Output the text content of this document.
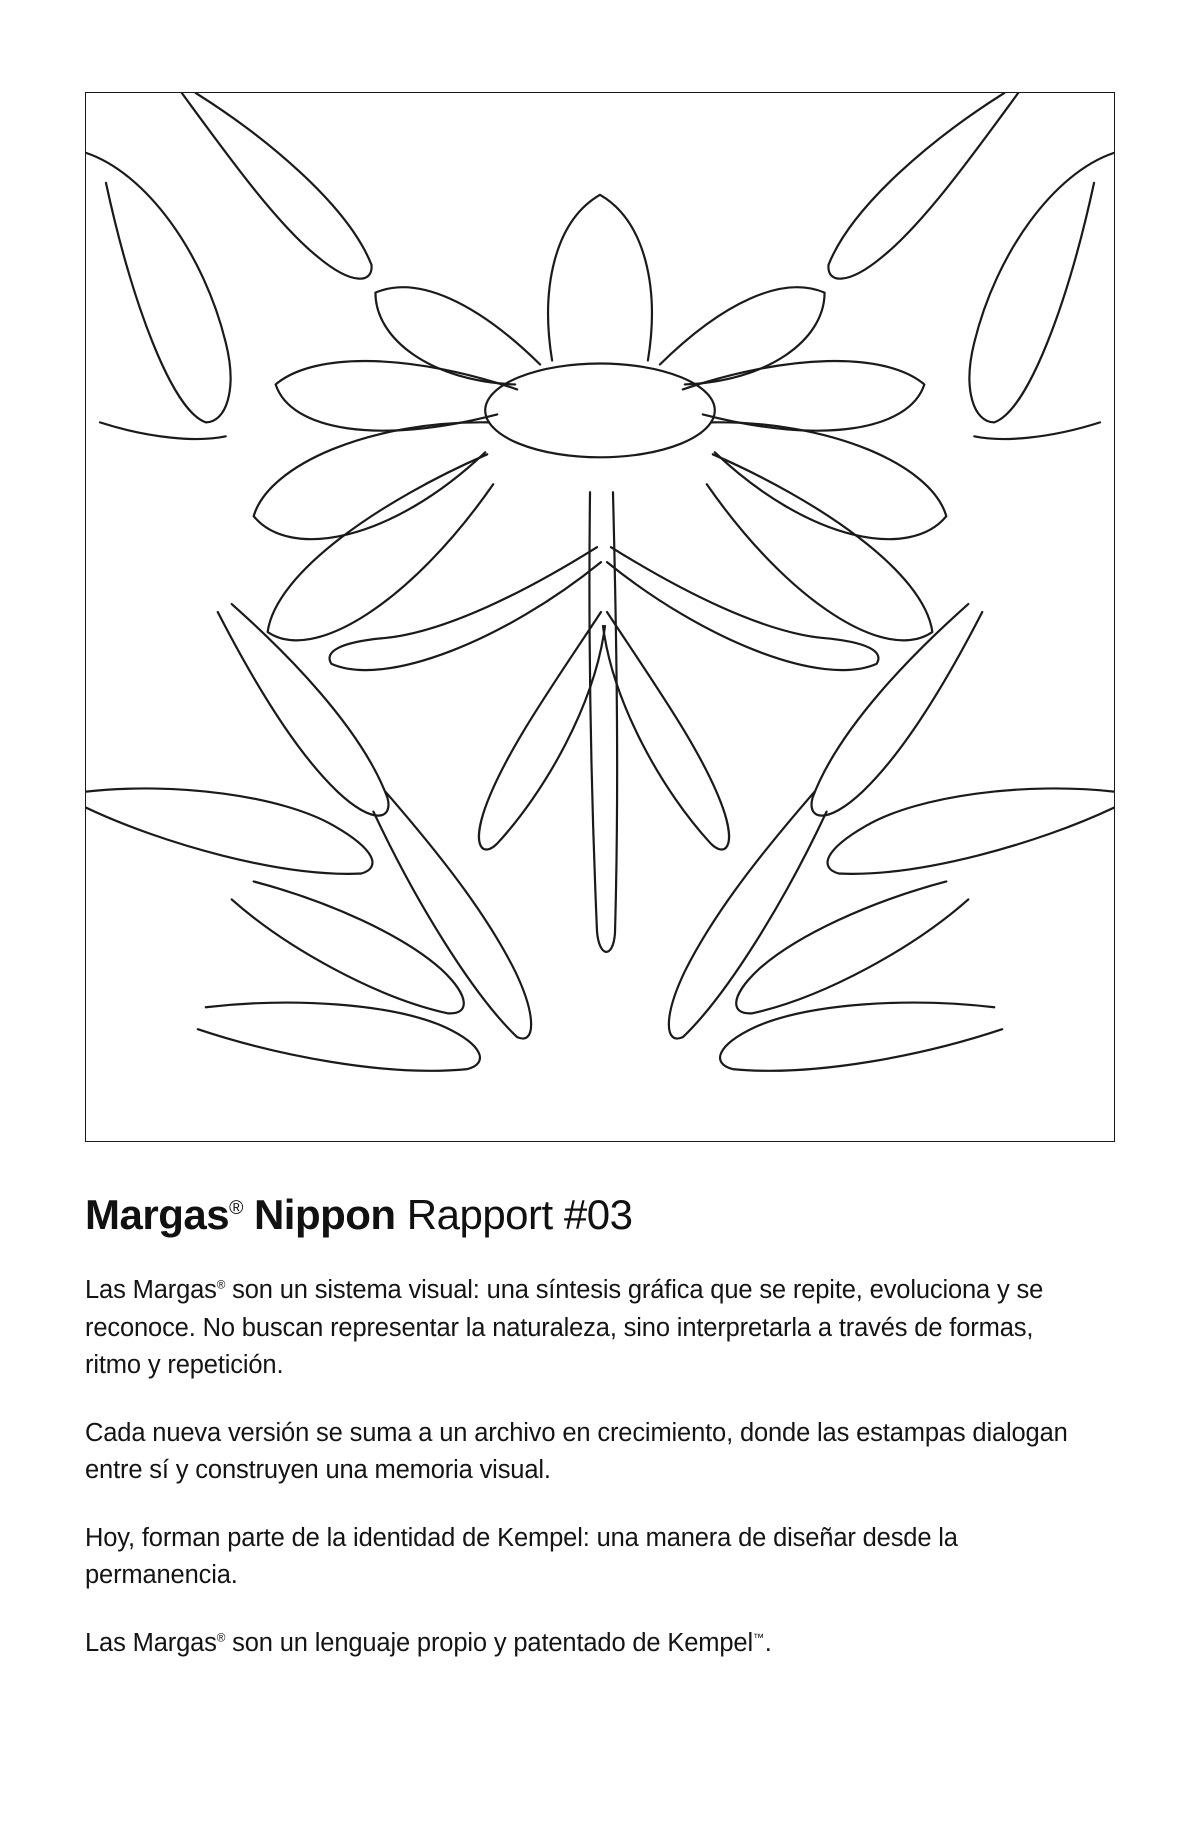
Margas® Nippon Rapport #03

Las Margas® son un sistema visual: una síntesis gráfica que se repite, evoluciona y se reconoce. No buscan representar la naturaleza, sino interpretarla a través de formas, ritmo y repetición.

Cada nueva versión se suma a un archivo en crecimiento, donde las estampas dialogan entre sí y construyen una memoria visual.

Hoy, forman parte de la identidad de Kempel: una manera de diseñar desde la permanencia.

Las Margas® son un lenguaje propio y patentado de Kempel™.
